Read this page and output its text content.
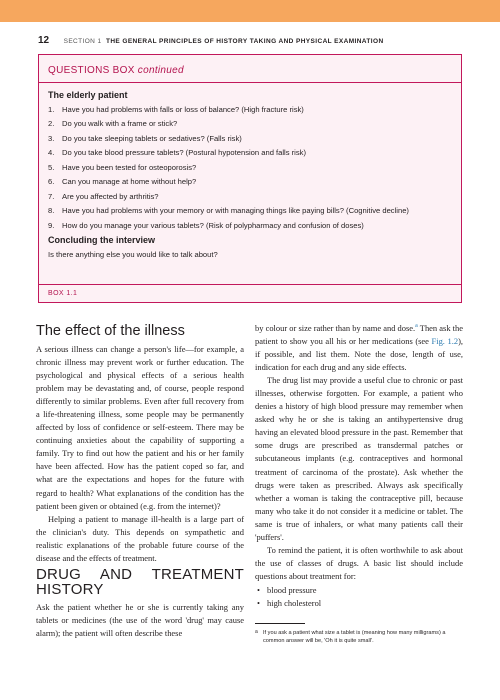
12 SECTION 1 THE GENERAL PRINCIPLES OF HISTORY TAKING AND PHYSICAL EXAMINATION
QUESTIONS BOX continued
The elderly patient
1. Have you had problems with falls or loss of balance? (High fracture risk)
2. Do you walk with a frame or stick?
3. Do you take sleeping tablets or sedatives? (Falls risk)
4. Do you take blood pressure tablets? (Postural hypotension and falls risk)
5. Have you been tested for osteoporosis?
6. Can you manage at home without help?
7. Are you affected by arthritis?
8. Have you had problems with your memory or with managing things like paying bills? (Cognitive decline)
9. How do you manage your various tablets? (Risk of polypharmacy and confusion of doses)
Concluding the interview

Is there anything else you would like to talk about?

BOX 1.1
The effect of the illness

A serious illness can change a person's life—for example, a chronic illness may prevent work or further education. The psychological and physical effects of a serious health problem may be devastating and, of course, people respond differently to similar problems. Even after full recovery from a life-threatening illness, some people may be permanently affected by loss of confidence or self-esteem. There may be continuing anxieties about the capability of supporting a family. Try to find out how the patient and his or her family have been affected. How has the patient coped so far, and what are the expectations and hopes for the future with regard to health? What explanations of the condition has the patient been given or obtained (e.g. from the internet)?

Helping a patient to manage ill-health is a large part of the clinician's duty. This depends on sympathetic and realistic explanations of the probable future course of the disease and the effects of treatment.

DRUG AND TREATMENT HISTORY

Ask the patient whether he or she is currently taking any tablets or medicines (the use of the word 'drug' may cause alarm); the patient will often describe these

by colour or size rather than by name and dose.$^a$ Then ask the patient to show you all his or her medications (see Fig. 1.2), if possible, and list them. Note the dose, length of use, indication for each drug and any side effects.

The drug list may provide a useful clue to chronic or past illnesses, otherwise forgotten. For example, a patient who denies a history of high blood pressure may remember when asked why he or she is taking an antihypertensive drug having an elevated blood pressure in the past. Remember that some drugs are prescribed as transdermal patches or subcutaneous implants (e.g. contraceptives and hormonal treatment of carcinoma of the prostate). Ask whether the drugs were taken as prescribed. Always ask specifically whether a woman is taking the contraceptive pill, because many who take it do not consider it a medicine or tablet. The same is true of inhalers, or what many patients call their 'puffers'.

To remind the patient, it is often worthwhile to ask about the use of classes of drugs. A basic list should include questions about treatment for:

• blood pressure
• high cholesterol
a If you ask a patient what size a tablet is (meaning how many milligrams) a common answer will be, 'Oh it is quite small'.
